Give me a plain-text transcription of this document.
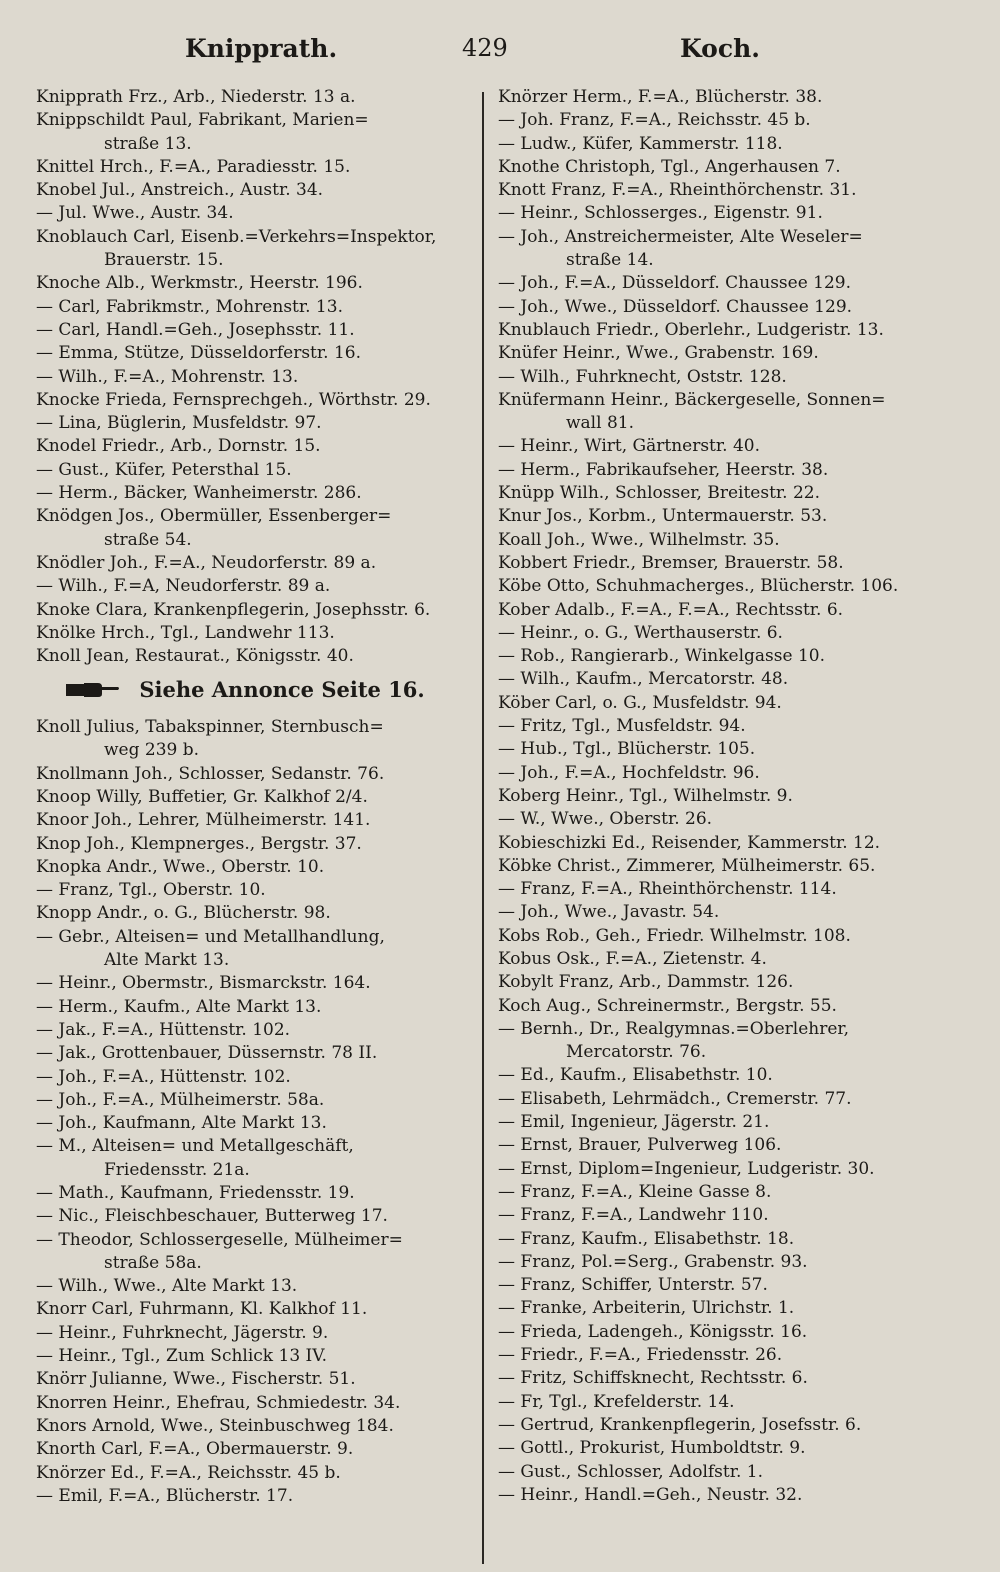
Knipprath.	429	Koch.
Knipprath Frz., Arb., Niederstr. 13 a.
Knippschildt Paul, Fabrikant, Marien=
straße 13.
Knittel Hrch., F.=A., Paradiesstr. 15.
Knobel Jul., Anstreich., Austr. 34.
— Jul. Wwe., Austr. 34.
Knoblauch Carl, Eisenb.=Verkehrs=Inspektor,
Brauerstr. 15.
Knoche Alb., Werkmstr., Heerstr. 196.
— Carl, Fabrikmstr., Mohrenstr. 13.
— Carl, Handl.=Geh., Josephsstr. 11.
— Emma, Stütze, Düsseldorferstr. 16.
— Wilh., F.=A., Mohrenstr. 13.
Knocke Frieda, Fernsprechgeh., Wörthstr. 29.
— Lina, Büglerin, Musfeldstr. 97.
Knodel Friedr., Arb., Dornstr. 15.
— Gust., Küfer, Petersthal 15.
— Herm., Bäcker, Wanheimerstr. 286.
Knödgen Jos., Obermüller, Essenberger=
straße 54.
Knödler Joh., F.=A., Neudorferstr. 89 a.
— Wilh., F.=A, Neudorferstr. 89 a.
Knoke Clara, Krankenpflegerin, Josephsstr. 6.
Knölke Hrch., Tgl., Landwehr 113.
Knoll Jean, Restaurat., Königsstr. 40.
Siehe Annonce Seite 16.
Knoll Julius, Tabakspinner, Sternbusch=
weg 239 b.
Knollmann Joh., Schlosser, Sedanstr. 76.
Knoop Willy, Buffetier, Gr. Kalkhof 2/4.
Knoor Joh., Lehrer, Mülheimerstr. 141.
Knop Joh., Klempnerges., Bergstr. 37.
Knopka Andr., Wwe., Oberstr. 10.
— Franz, Tgl., Oberstr. 10.
Knopp Andr., o. G., Blücherstr. 98.
— Gebr., Alteisen= und Metallhandlung,
Alte Markt 13.
— Heinr., Obermstr., Bismarckstr. 164.
— Herm., Kaufm., Alte Markt 13.
— Jak., F.=A., Hüttenstr. 102.
— Jak., Grottenbauer, Düssernstr. 78 II.
— Joh., F.=A., Hüttenstr. 102.
— Joh., F.=A., Mülheimerstr. 58a.
— Joh., Kaufmann, Alte Markt 13.
— M., Alteisen= und Metallgeschäft,
Friedensstr. 21a.
— Math., Kaufmann, Friedensstr. 19.
— Nic., Fleischbeschauer, Butterweg 17.
— Theodor, Schlossergeselle, Mülheimer=
straße 58a.
— Wilh., Wwe., Alte Markt 13.
Knorr Carl, Fuhrmann, Kl. Kalkhof 11.
— Heinr., Fuhrknecht, Jägerstr. 9.
— Heinr., Tgl., Zum Schlick 13 IV.
Knörr Julianne, Wwe., Fischerstr. 51.
Knorren Heinr., Ehefrau, Schmiedestr. 34.
Knors Arnold, Wwe., Steinbuschweg 184.
Knorth Carl, F.=A., Obermauerstr. 9.
Knörzer Ed., F.=A., Reichsstr. 45 b.
— Emil, F.=A., Blücherstr. 17.
Knörzer Herm., F.=A., Blücherstr. 38.
— Joh. Franz, F.=A., Reichsstr. 45 b.
— Ludw., Küfer, Kammerstr. 118.
Knothe Christoph, Tgl., Angerhausen 7.
Knott Franz, F.=A., Rheinthörchenstr. 31.
— Heinr., Schlosserges., Eigenstr. 91.
— Joh., Anstreichermeister, Alte Weseler=
straße 14.
— Joh., F.=A., Düsseldorf. Chaussee 129.
— Joh., Wwe., Düsseldorf. Chaussee 129.
Knublauch Friedr., Oberlehr., Ludgeristr. 13.
Knüfer Heinr., Wwe., Grabenstr. 169.
— Wilh., Fuhrknecht, Oststr. 128.
Knüfermann Heinr., Bäckergeselle, Sonnen=
wall 81.
— Heinr., Wirt, Gärtnerstr. 40.
— Herm., Fabrikaufseher, Heerstr. 38.
Knüpp Wilh., Schlosser, Breitestr. 22.
Knur Jos., Korbm., Untermauerstr. 53.
Koall Joh., Wwe., Wilhelmstr. 35.
Kobbert Friedr., Bremser, Brauerstr. 58.
Köbe Otto, Schuhmacherges., Blücherstr. 106.
Kober Adalb., F.=A., F.=A., Rechtsstr. 6.
— Heinr., o. G., Werthauserstr. 6.
— Rob., Rangierarb., Winkelgasse 10.
— Wilh., Kaufm., Mercatorstr. 48.
Köber Carl, o. G., Musfeldstr. 94.
— Fritz, Tgl., Musfeldstr. 94.
— Hub., Tgl., Blücherstr. 105.
— Joh., F.=A., Hochfeldstr. 96.
Koberg Heinr., Tgl., Wilhelmstr. 9.
— W., Wwe., Oberstr. 26.
Kobieschizki Ed., Reisender, Kammerstr. 12.
Köbke Christ., Zimmerer, Mülheimerstr. 65.
— Franz, F.=A., Rheinthörchenstr. 114.
— Joh., Wwe., Javastr. 54.
Kobs Rob., Geh., Friedr. Wilhelmstr. 108.
Kobus Osk., F.=A., Zietenstr. 4.
Kobylt Franz, Arb., Dammstr. 126.
Koch Aug., Schreinermstr., Bergstr. 55.
— Bernh., Dr., Realgymnas.=Oberlehrer,
Mercatorstr. 76.
— Ed., Kaufm., Elisabethstr. 10.
— Elisabeth, Lehrmädch., Cremerstr. 77.
— Emil, Ingenieur, Jägerstr. 21.
— Ernst, Brauer, Pulverweg 106.
— Ernst, Diplom=Ingenieur, Ludgeristr. 30.
— Franz, F.=A., Kleine Gasse 8.
— Franz, F.=A., Landwehr 110.
— Franz, Kaufm., Elisabethstr. 18.
— Franz, Pol.=Serg., Grabenstr. 93.
— Franz, Schiffer, Unterstr. 57.
— Franke, Arbeiterin, Ulrichstr. 1.
— Frieda, Ladengeh., Königsstr. 16.
— Friedr., F.=A., Friedensstr. 26.
— Fritz, Schiffsknecht, Rechtsstr. 6.
— Fr, Tgl., Krefelderstr. 14.
— Gertrud, Krankenpflegerin, Josefsstr. 6.
— Gottl., Prokurist, Humboldtstr. 9.
— Gust., Schlosser, Adolfstr. 1.
— Heinr., Handl.=Geh., Neustr. 32.
